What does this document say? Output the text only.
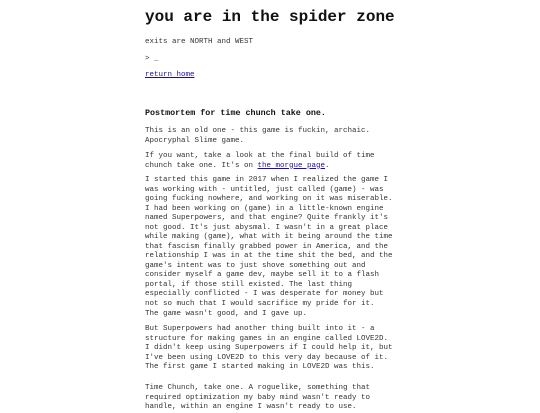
you are in the spider zone
exits are NORTH and WEST
> _
return home
Postmortem for time chunch take one.

This is an old one - this game is fuckin, archaic. Apocryphal Slime game.

If you want, take a look at the final build of time chunch take one. It's on the morgue page.

I started this game in 2017 when I realized the game I was working with - untitled, just called (game) - was going fucking nowhere, and working on it was miserable. I had been working on (game) in a little-known engine named Superpowers, and that engine? Quite frankly it's not good. It's just abysmal. I wasn't in a great place while making (game), what with it being around the time that fascism finally grabbed power in America, and the relationship I was in at the time shit the bed, and the game's intent was to just shove something out and consider myself a game dev, maybe sell it to a flash portal, if those still existed. The last thing especially conflicted - I was desperate for money but not so much that I would sacrifice my pride for it.

The game wasn't good, and I gave up.

But Superpowers had another thing built into it - a structure for making games in an engine called LOVE2D. I didn't keep using Superpowers if I could help it, but I've been using LOVE2D to this very day because of it. The first game I started making in LOVE2D was this.

Time Chunch, take one. A roguelike, something that required optimization my baby mind wasn't ready to handle, within an engine I wasn't ready to use.
